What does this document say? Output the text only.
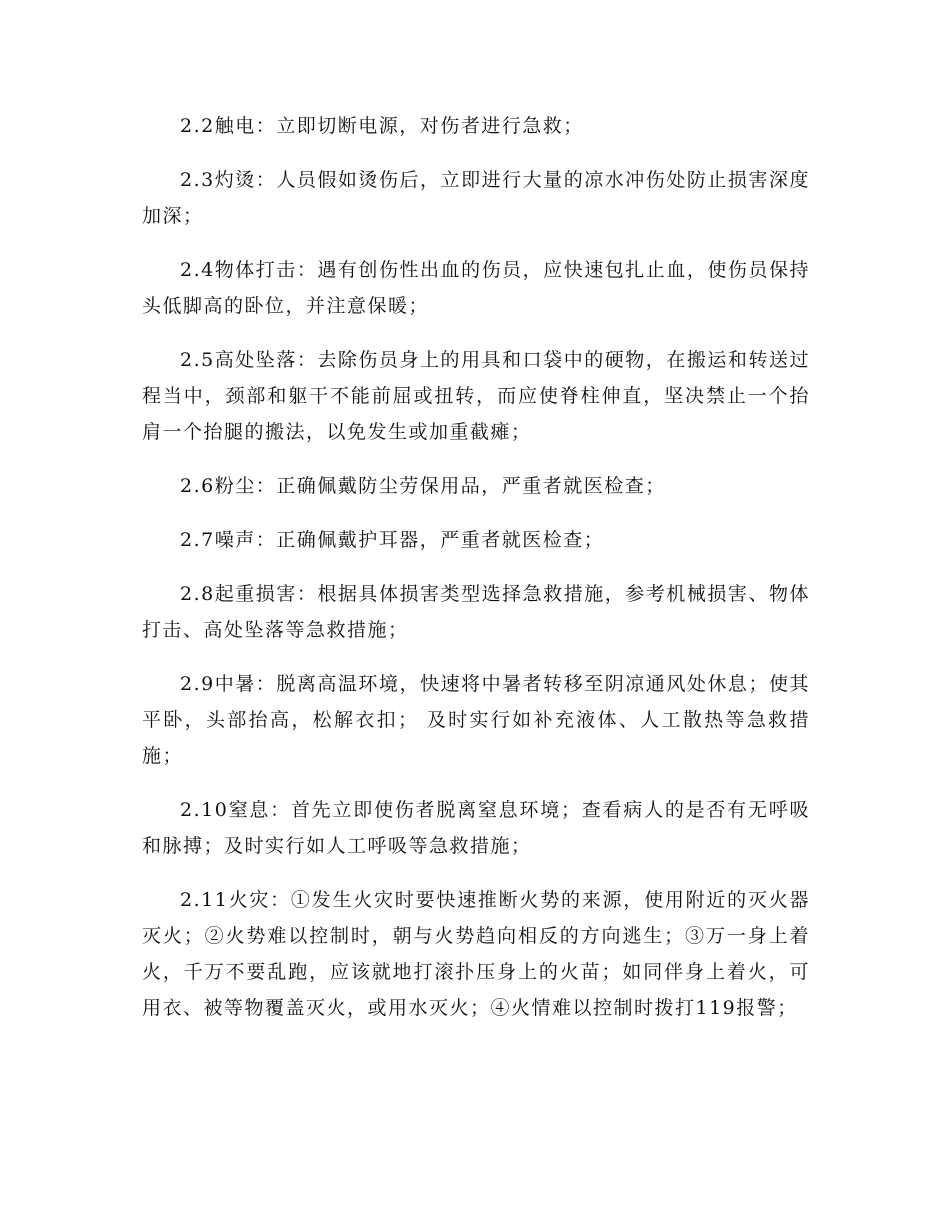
2.2触电：立即切断电源，对伤者进行急救；

2.3灼烫：人员假如烫伤后，立即进行大量的凉水冲伤处防止损害深度加深；

2.4物体打击：遇有创伤性出血的伤员，应快速包扎止血，使伤员保持头低脚高的卧位，并注意保暖；

2.5高处坠落：去除伤员身上的用具和口袋中的硬物，在搬运和转送过程当中，颈部和躯干不能前屈或扭转，而应使脊柱伸直，坚决禁止一个抬肩一个抬腿的搬法，以免发生或加重截瘫；

2.6粉尘：正确佩戴防尘劳保用品，严重者就医检查；

2.7噪声：正确佩戴护耳器，严重者就医检查；

2.8起重损害：根据具体损害类型选择急救措施，参考机械损害、物体打击、高处坠落等急救措施；

2.9中暑：脱离高温环境，快速将中暑者转移至阴凉通风处休息；使其平卧，头部抬高，松解衣扣； 及时实行如补充液体、人工散热等急救措施；

2.10窒息：首先立即使伤者脱离窒息环境；查看病人的是否有无呼吸和脉搏；及时实行如人工呼吸等急救措施；

2.11火灾：①发生火灾时要快速推断火势的来源，使用附近的灭火器灭火；②火势难以控制时，朝与火势趋向相反的方向逃生；③万一身上着火，千万不要乱跑，应该就地打滚扑压身上的火苗；如同伴身上着火，可用衣、被等物覆盖灭火，或用水灭火；④火情难以控制时拨打119报警；
